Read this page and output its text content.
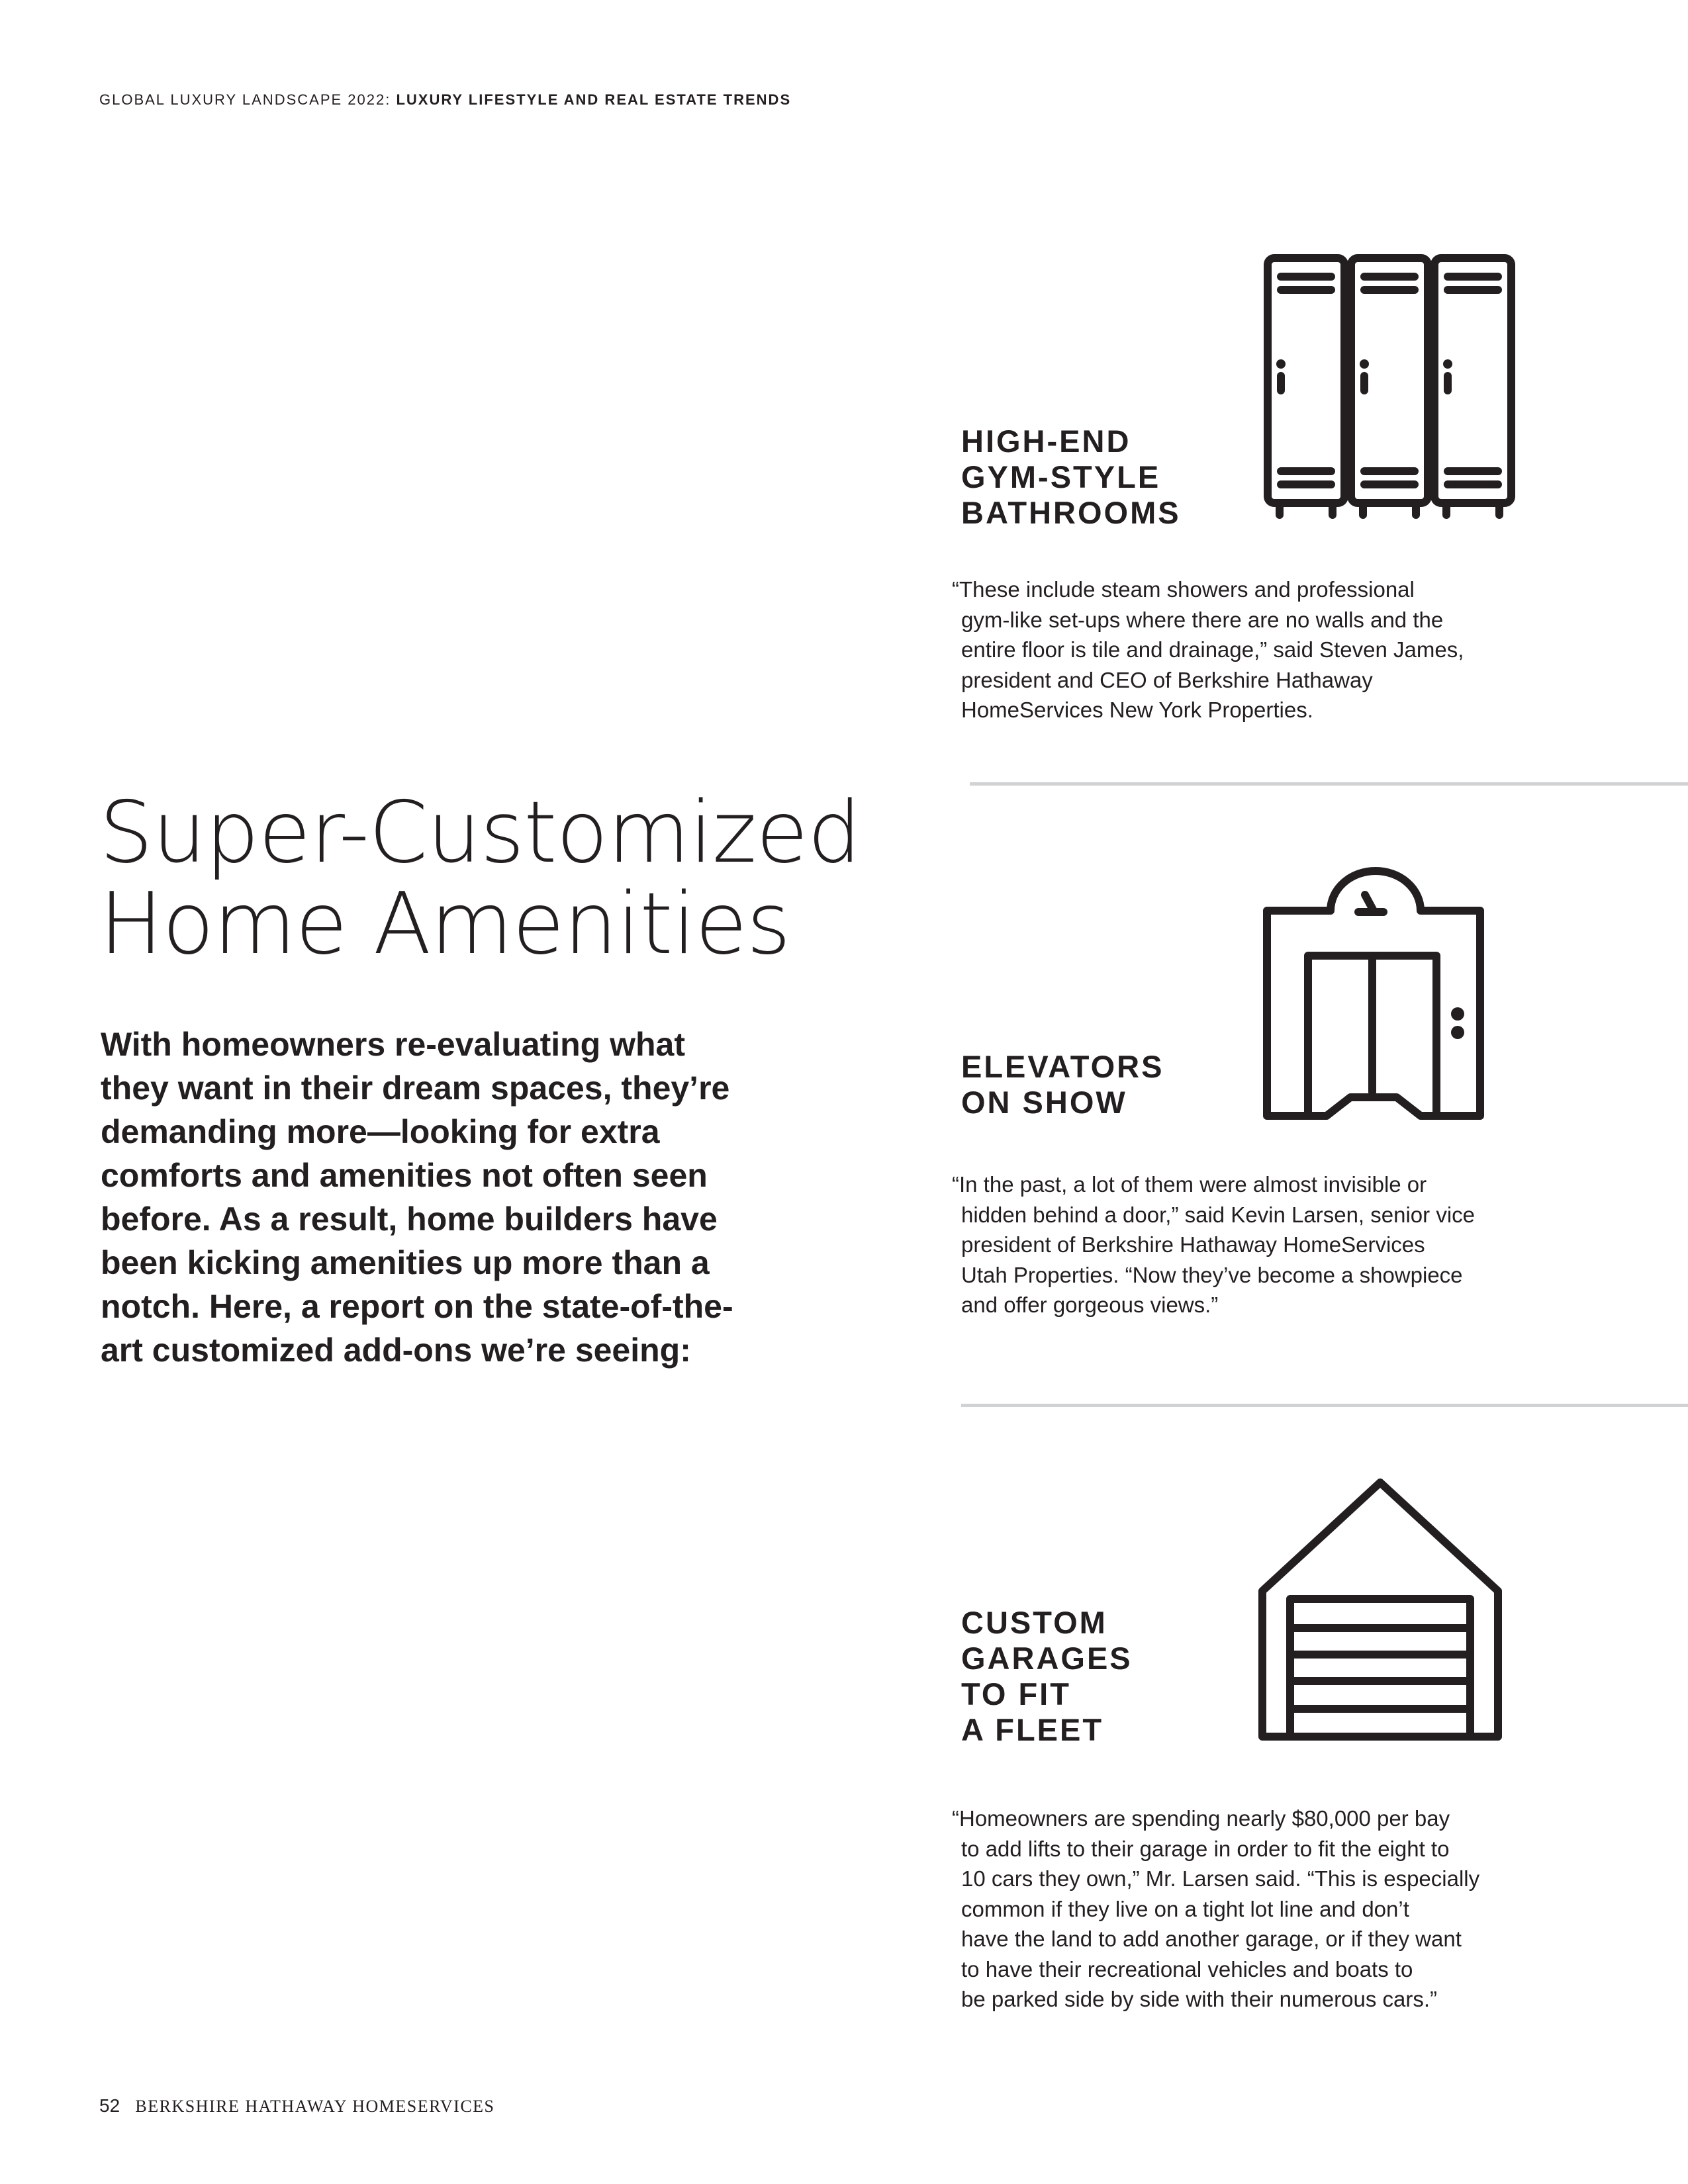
GLOBAL LUXURY LANDSCAPE 2022: LUXURY LIFESTYLE AND REAL ESTATE TRENDS
Super-Customized
Home Amenities

With homeowners re-evaluating what they want in their dream spaces, they’re demanding more—looking for extra comforts and amenities not often seen before. As a result, home builders have been kicking amenities up more than a notch. Here, a report on the state-of-the-art customized add-ons we’re seeing:

HIGH-END
GYM-STYLE
BATHROOMS
“These include steam showers and professional
gym-like set-ups where there are no walls and the
entire floor is tile and drainage,” said Steven James,
president and CEO of Berkshire Hathaway
HomeServices New York Properties.
ELEVATORS
ON SHOW
“In the past, a lot of them were almost invisible or
hidden behind a door,” said Kevin Larsen, senior vice
president of Berkshire Hathaway HomeServices
Utah Properties. “Now they’ve become a showpiece
and offer gorgeous views.”
CUSTOM
GARAGES
TO FIT
A FLEET
“Homeowners are spending nearly $80,000 per bay
to add lifts to their garage in order to fit the eight to
10 cars they own,” Mr. Larsen said. “This is especially
common if they live on a tight lot line and don’t
have the land to add another garage, or if they want
to have their recreational vehicles and boats to
be parked side by side with their numerous cars.”
52 BERKSHIRE HATHAWAY HOMESERVICES
